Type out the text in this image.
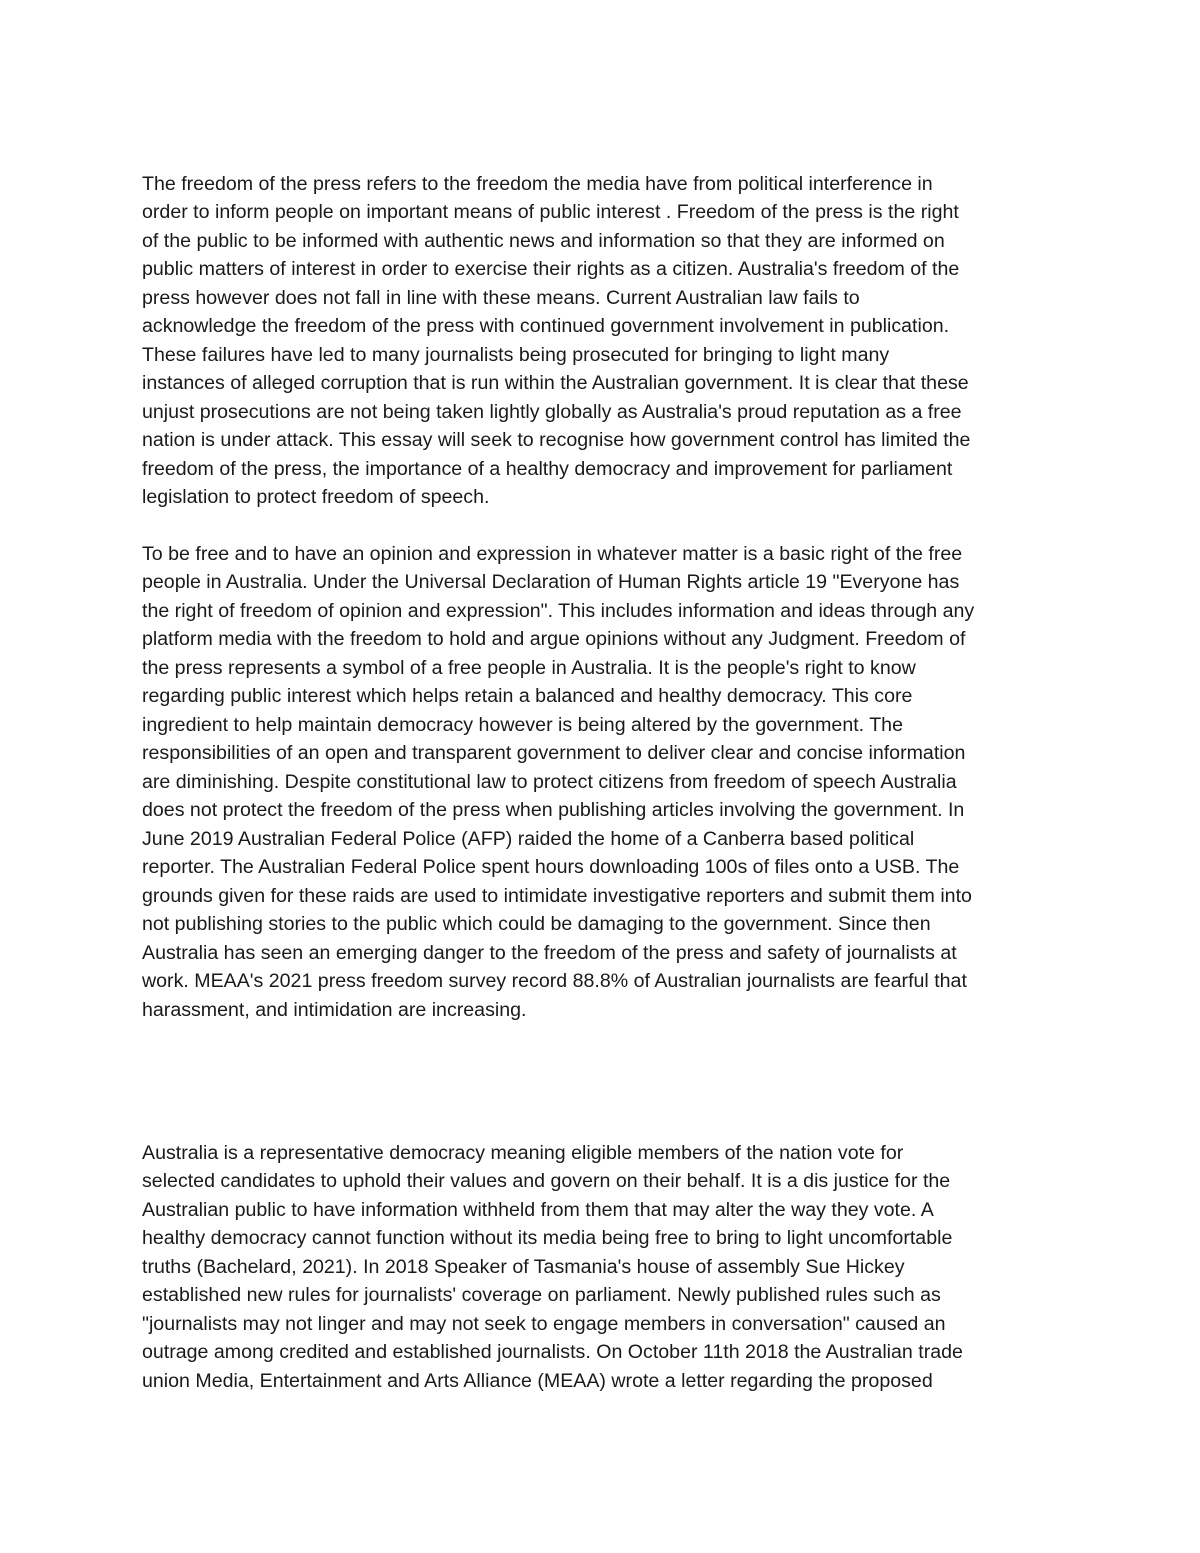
The freedom of the press refers to the freedom the media have from political interference in

order to inform people on important means of public interest . Freedom of the press is the right

of the public to be informed with authentic news and information so that they are informed on

public matters of interest in order to exercise their rights as a citizen. Australia's freedom of the

press however does not fall in line with these means. Current Australian law fails to

acknowledge the freedom of the press with continued government involvement in publication.

These failures have led to many journalists being prosecuted for bringing to light many

instances of alleged corruption that is run within the Australian government. It is clear that these

unjust prosecutions are not being taken lightly globally as Australia's proud reputation as a free

nation is under attack. This essay will seek to recognise how government control has limited the

freedom of the press, the importance of a healthy democracy and improvement for parliament

legislation to protect freedom of speech.

To be free and to have an opinion and expression in whatever matter is a basic right of the free

people in Australia. Under the Universal Declaration of Human Rights article 19 "Everyone has

the right of freedom of opinion and expression". This includes information and ideas through any

platform media with the freedom to hold and argue opinions without any Judgment. Freedom of

the press represents a symbol of a free people in Australia. It is the people's right to know

regarding public interest which helps retain a balanced and healthy democracy. This core

ingredient to help maintain democracy however is being altered by the government. The

responsibilities of an open and transparent government to deliver clear and concise information

are diminishing. Despite constitutional law to protect citizens from freedom of speech Australia

does not protect the freedom of the press when publishing articles involving the government. In

June 2019 Australian Federal Police (AFP) raided the home of a Canberra based political

reporter. The Australian Federal Police spent hours downloading 100s of files onto a USB. The

grounds given for these raids are used to intimidate investigative reporters and submit them into

not publishing stories to the public which could be damaging to the government. Since then

Australia has seen an emerging danger to the freedom of the press and safety of journalists at

work. MEAA's 2021 press freedom survey record 88.8% of Australian journalists are fearful that

harassment, and intimidation are increasing.

Australia is a representative democracy meaning eligible members of the nation vote for

selected candidates to uphold their values and govern on their behalf. It is a dis justice for the

Australian public to have information withheld from them that may alter the way they vote. A

healthy democracy cannot function without its media being free to bring to light uncomfortable

truths (Bachelard, 2021). In 2018 Speaker of Tasmania's house of assembly Sue Hickey

established new rules for journalists' coverage on parliament. Newly published rules such as

"journalists may not linger and may not seek to engage members in conversation" caused an

outrage among credited and established journalists. On October 11th 2018 the Australian trade

union Media, Entertainment and Arts Alliance (MEAA) wrote a letter regarding the proposed
